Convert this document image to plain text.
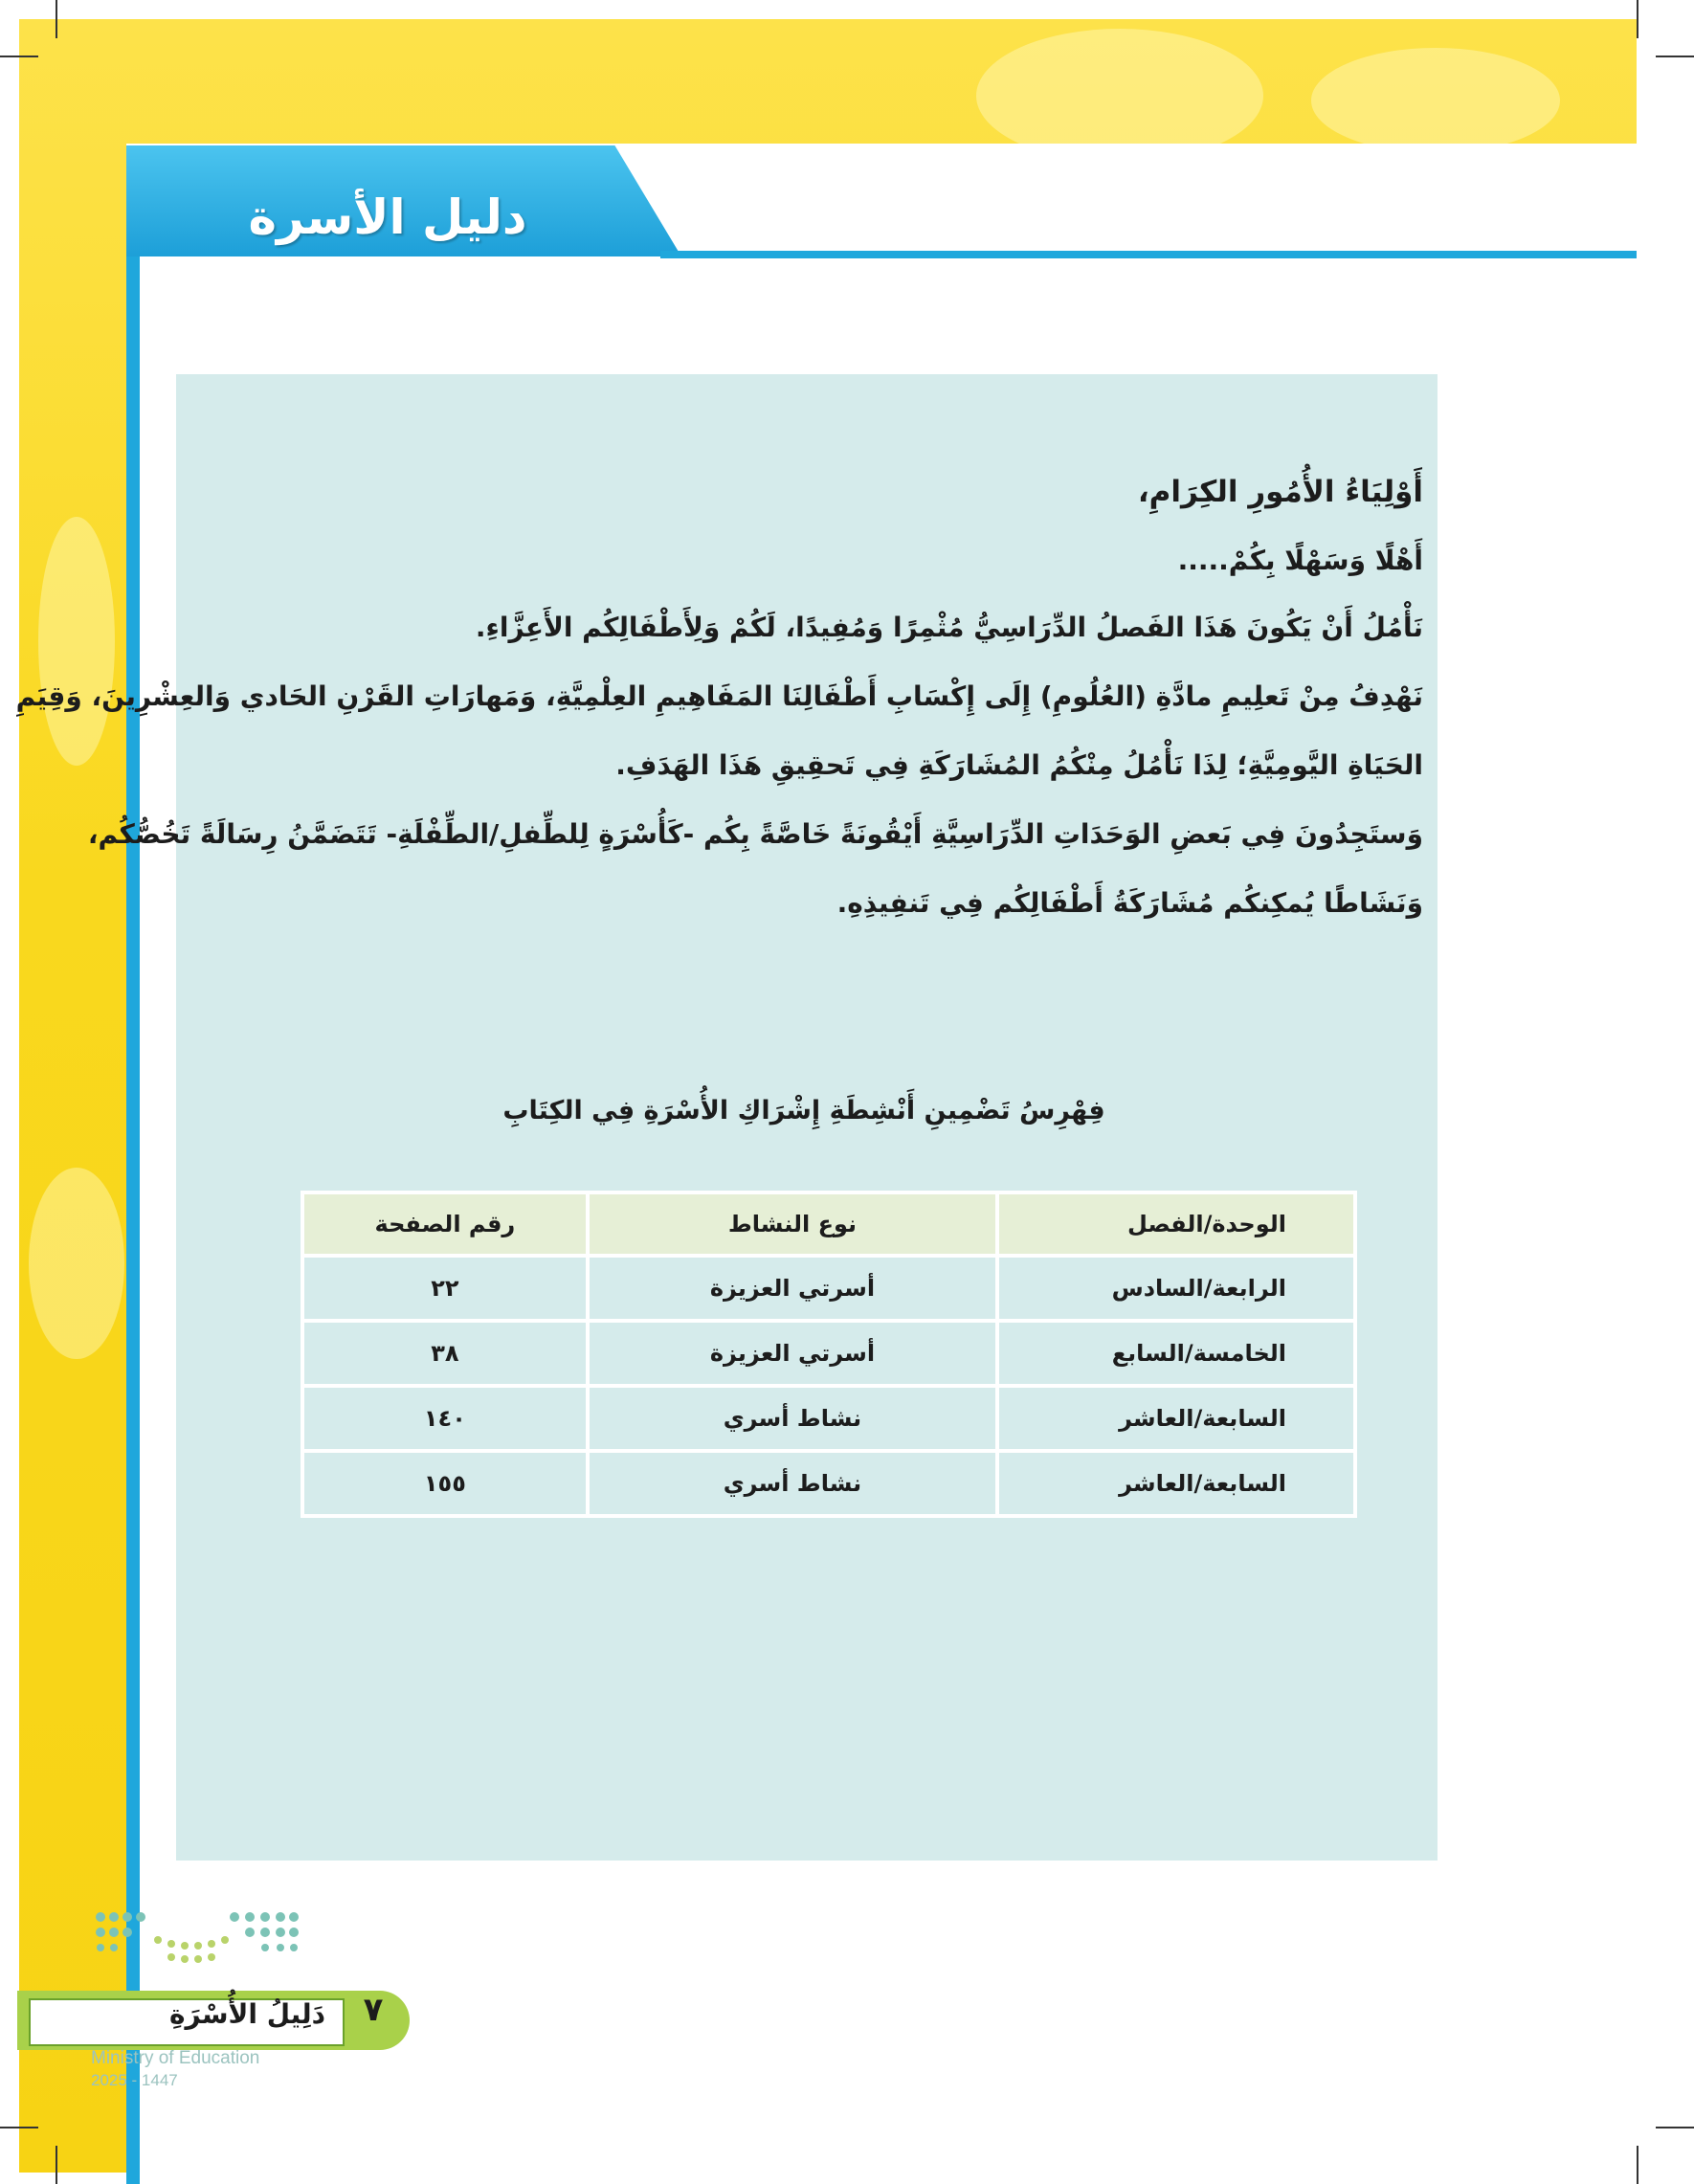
دليل الأسرة
أَوْلِيَاءُ الأُمُورِ الكِرَامِ،
أَهْلًا وَسَهْلًا بِكُمْ.....
نَأْمُلُ أَنْ يَكُونَ هَذَا الفَصلُ الدِّرَاسِيُّ مُثْمِرًا وَمُفِيدًا، لَكُمْ وَلِأَطْفَالِكُم الأَعِزَّاءِ.
نَهْدِفُ مِنْ تَعلِيمِ مادَّةِ (العُلُومِ) إِلَى إِكْسَابِ أَطْفَالِنَا المَفَاهِيمِ العِلْمِيَّةِ، وَمَهارَاتِ القَرْنِ الحَادي وَالعِشْرِينَ، وَقِيَمِ
الحَيَاةِ اليَّومِيَّةِ؛ لِذَا نَأْمُلُ مِنْكُمُ المُشَارَكَةِ فِي تَحقِيقِ هَذَا الهَدَفِ.
وَستَجِدُونَ فِي بَعضِ الوَحَدَاتِ الدِّرَاسِيَّةِ أَيْقُونَةً خَاصَّةً بِكُم -كَأُسْرَةٍ لِلطِّفلِ/الطِّفْلَةِ- تَتَضَمَّنُ رِسَالَةً تَخُصُّكُم،
وَنَشَاطًا يُمكِنكُم مُشَارَكَةُ أَطْفَالِكُم فِي تَنفِيذِهِ.
فِهْرِسُ تَضْمِينِ أَنْشِطَةِ إِشْرَاكِ الأُسْرَةِ فِي الكِتَابِ
الوحدة/الفصل	نوع النشاط	رقم الصفحة
الرابعة/السادس	أسرتي العزيزة	٢٢
الخامسة/السابع	أسرتي العزيزة	٣٨
السابعة/العاشر	نشاط أسري	١٤٠
السابعة/العاشر	نشاط أسري	١٥٥
دَلِيلُ الأُسْرَةِ	٧
Ministry of Education
2025 - 1447
